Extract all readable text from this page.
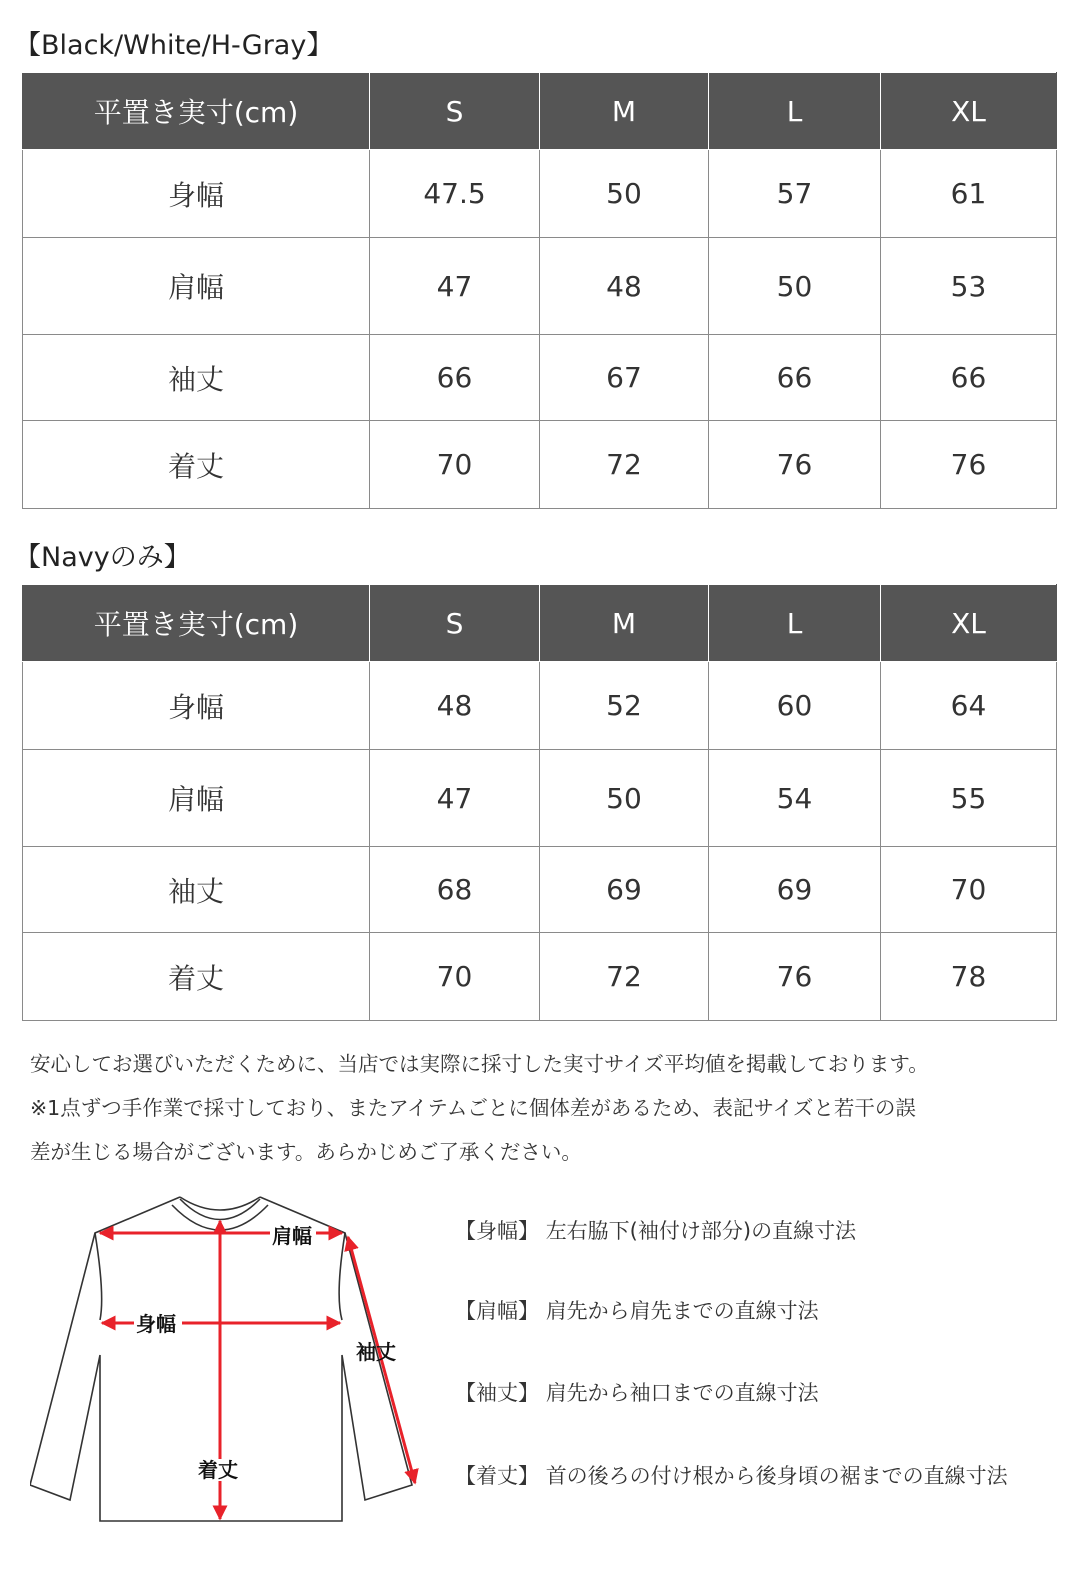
【Black/White/H-Gray】
平置き実寸(cm)	S	M	L	XL
身幅	47.5	50	57	61
肩幅	47	48	50	53
袖丈	66	67	66	66
着丈	70	72	76	76
【Navyのみ】
平置き実寸(cm)	S	M	L	XL
身幅	48	52	60	64
肩幅	47	50	54	55
袖丈	68	69	69	70
着丈	70	72	76	78
安心してお選びいただくために、当店では実際に採寸した実寸サイズ平均値を掲載しております。
※1点ずつ手作業で採寸しており、またアイテムごとに個体差があるため、表記サイズと若干の誤
差が生じる場合がございます。あらかじめご了承ください。
肩幅
身幅
袖丈
着丈
【身幅】 左右脇下(袖付け部分)の直線寸法
【肩幅】 肩先から肩先までの直線寸法
【袖丈】 肩先から袖口までの直線寸法
【着丈】 首の後ろの付け根から後身頃の裾までの直線寸法
